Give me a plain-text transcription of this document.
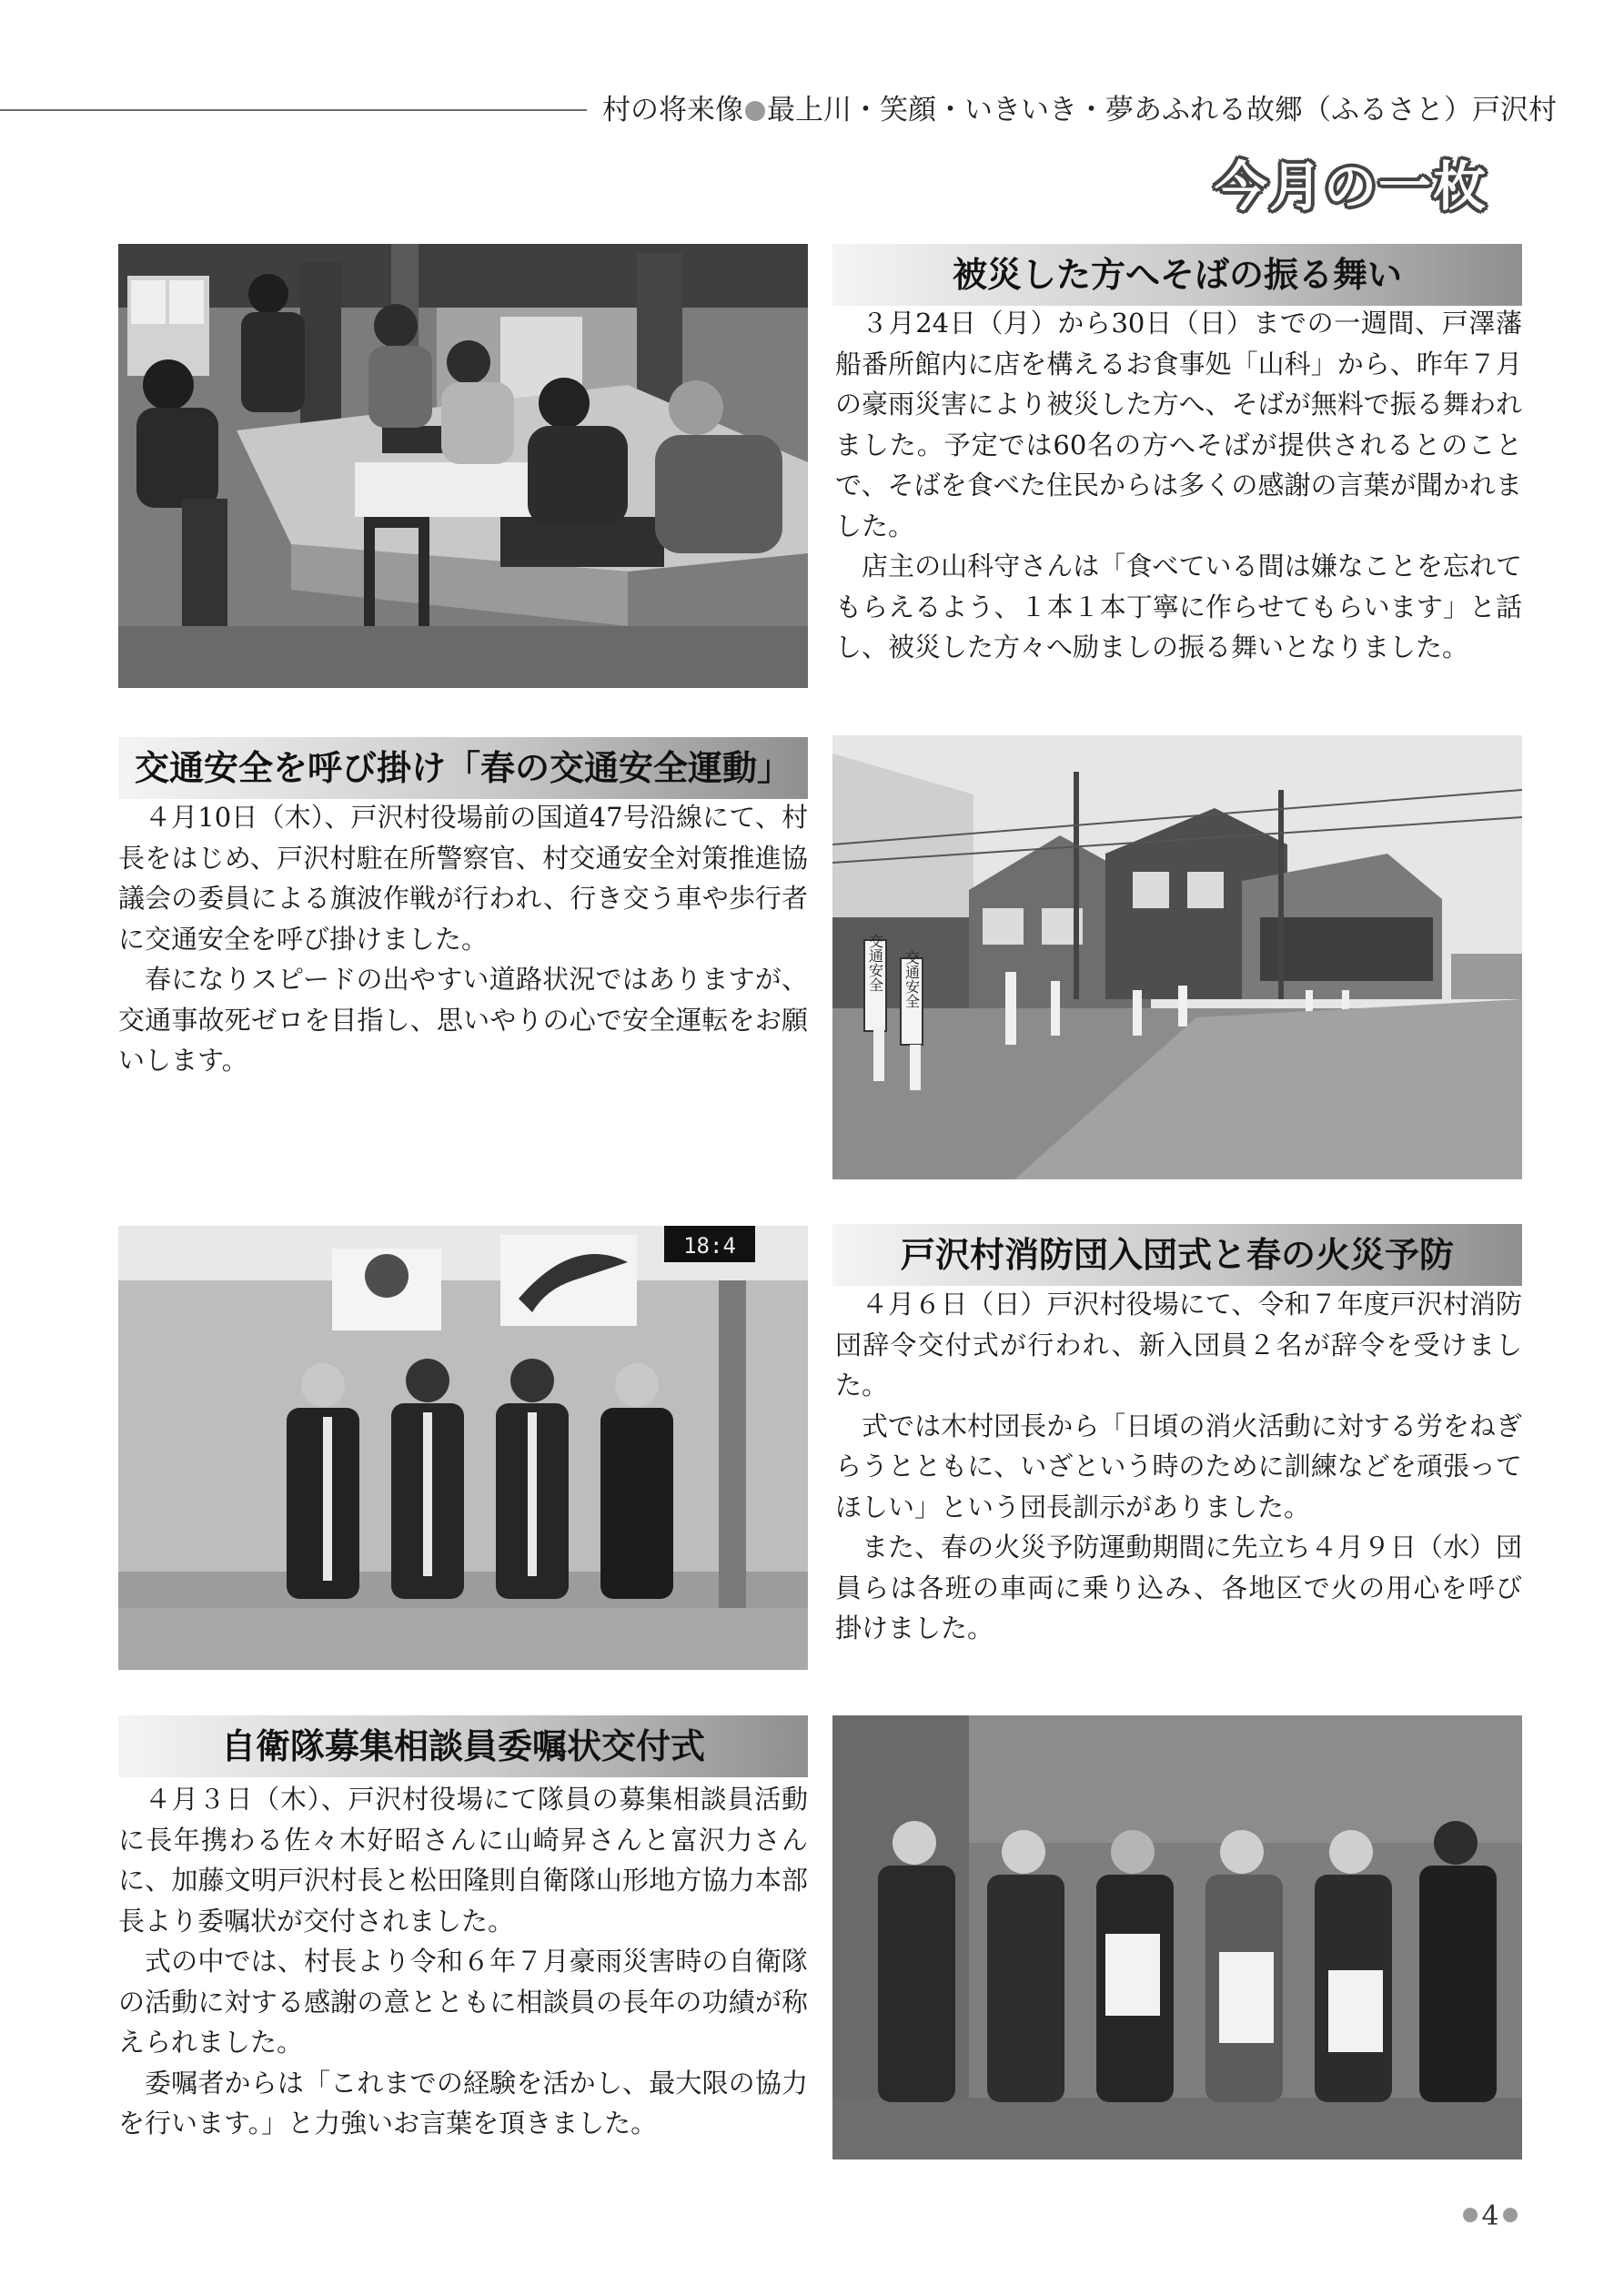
村の将来像 最上川・笑顔・いきいき・夢あふれる故郷（ふるさと）戸沢村
今月の一枚
被災した方へそばの振る舞い

３月24日（月）から30日（日）までの一週間、戸澤藩船番所館内に店を構えるお食事処「山科」から、昨年７月の豪雨災害により被災した方へ、そばが無料で振る舞われました。予定では60名の方へそばが提供されるとのことで、そばを食べた住民からは多くの感謝の言葉が聞かれました。

店主の山科守さんは「食べている間は嫌なことを忘れてもらえるよう、１本１本丁寧に作らせてもらいます」と話し、被災した方々へ励ましの振る舞いとなりました。

交通安全を呼び掛け「春の交通安全運動」

４月10日（木）、戸沢村役場前の国道47号沿線にて、村長をはじめ、戸沢村駐在所警察官、村交通安全対策推進協議会の委員による旗波作戦が行われ、行き交う車や歩行者に交通安全を呼び掛けました。

春になりスピードの出やすい道路状況ではありますが、交通事故死ゼロを目指し、思いやりの心で安全運転をお願いします。

交通安全 交通安全
18:4	戸沢村消防団入団式と春の火災予防

４月６日（日）戸沢村役場にて、令和７年度戸沢村消防団辞令交付式が行われ、新入団員２名が辞令を受けました。

式では木村団長から「日頃の消火活動に対する労をねぎらうとともに、いざという時のために訓練などを頑張ってほしい」という団長訓示がありました。

また、春の火災予防運動期間に先立ち４月９日（水）団員らは各班の車両に乗り込み、各地区で火の用心を呼び掛けました。

自衛隊募集相談員委嘱状交付式

４月３日（木）、戸沢村役場にて隊員の募集相談員活動に長年携わる佐々木好昭さんに山崎昇さんと富沢力さんに、加藤文明戸沢村長と松田隆則自衛隊山形地方協力本部長より委嘱状が交付されました。

式の中では、村長より令和６年７月豪雨災害時の自衛隊の活動に対する感謝の意とともに相談員の長年の功績が称えられました。

委嘱者からは「これまでの経験を活かし、最大限の協力を行います。」と力強いお言葉を頂きました。

4
